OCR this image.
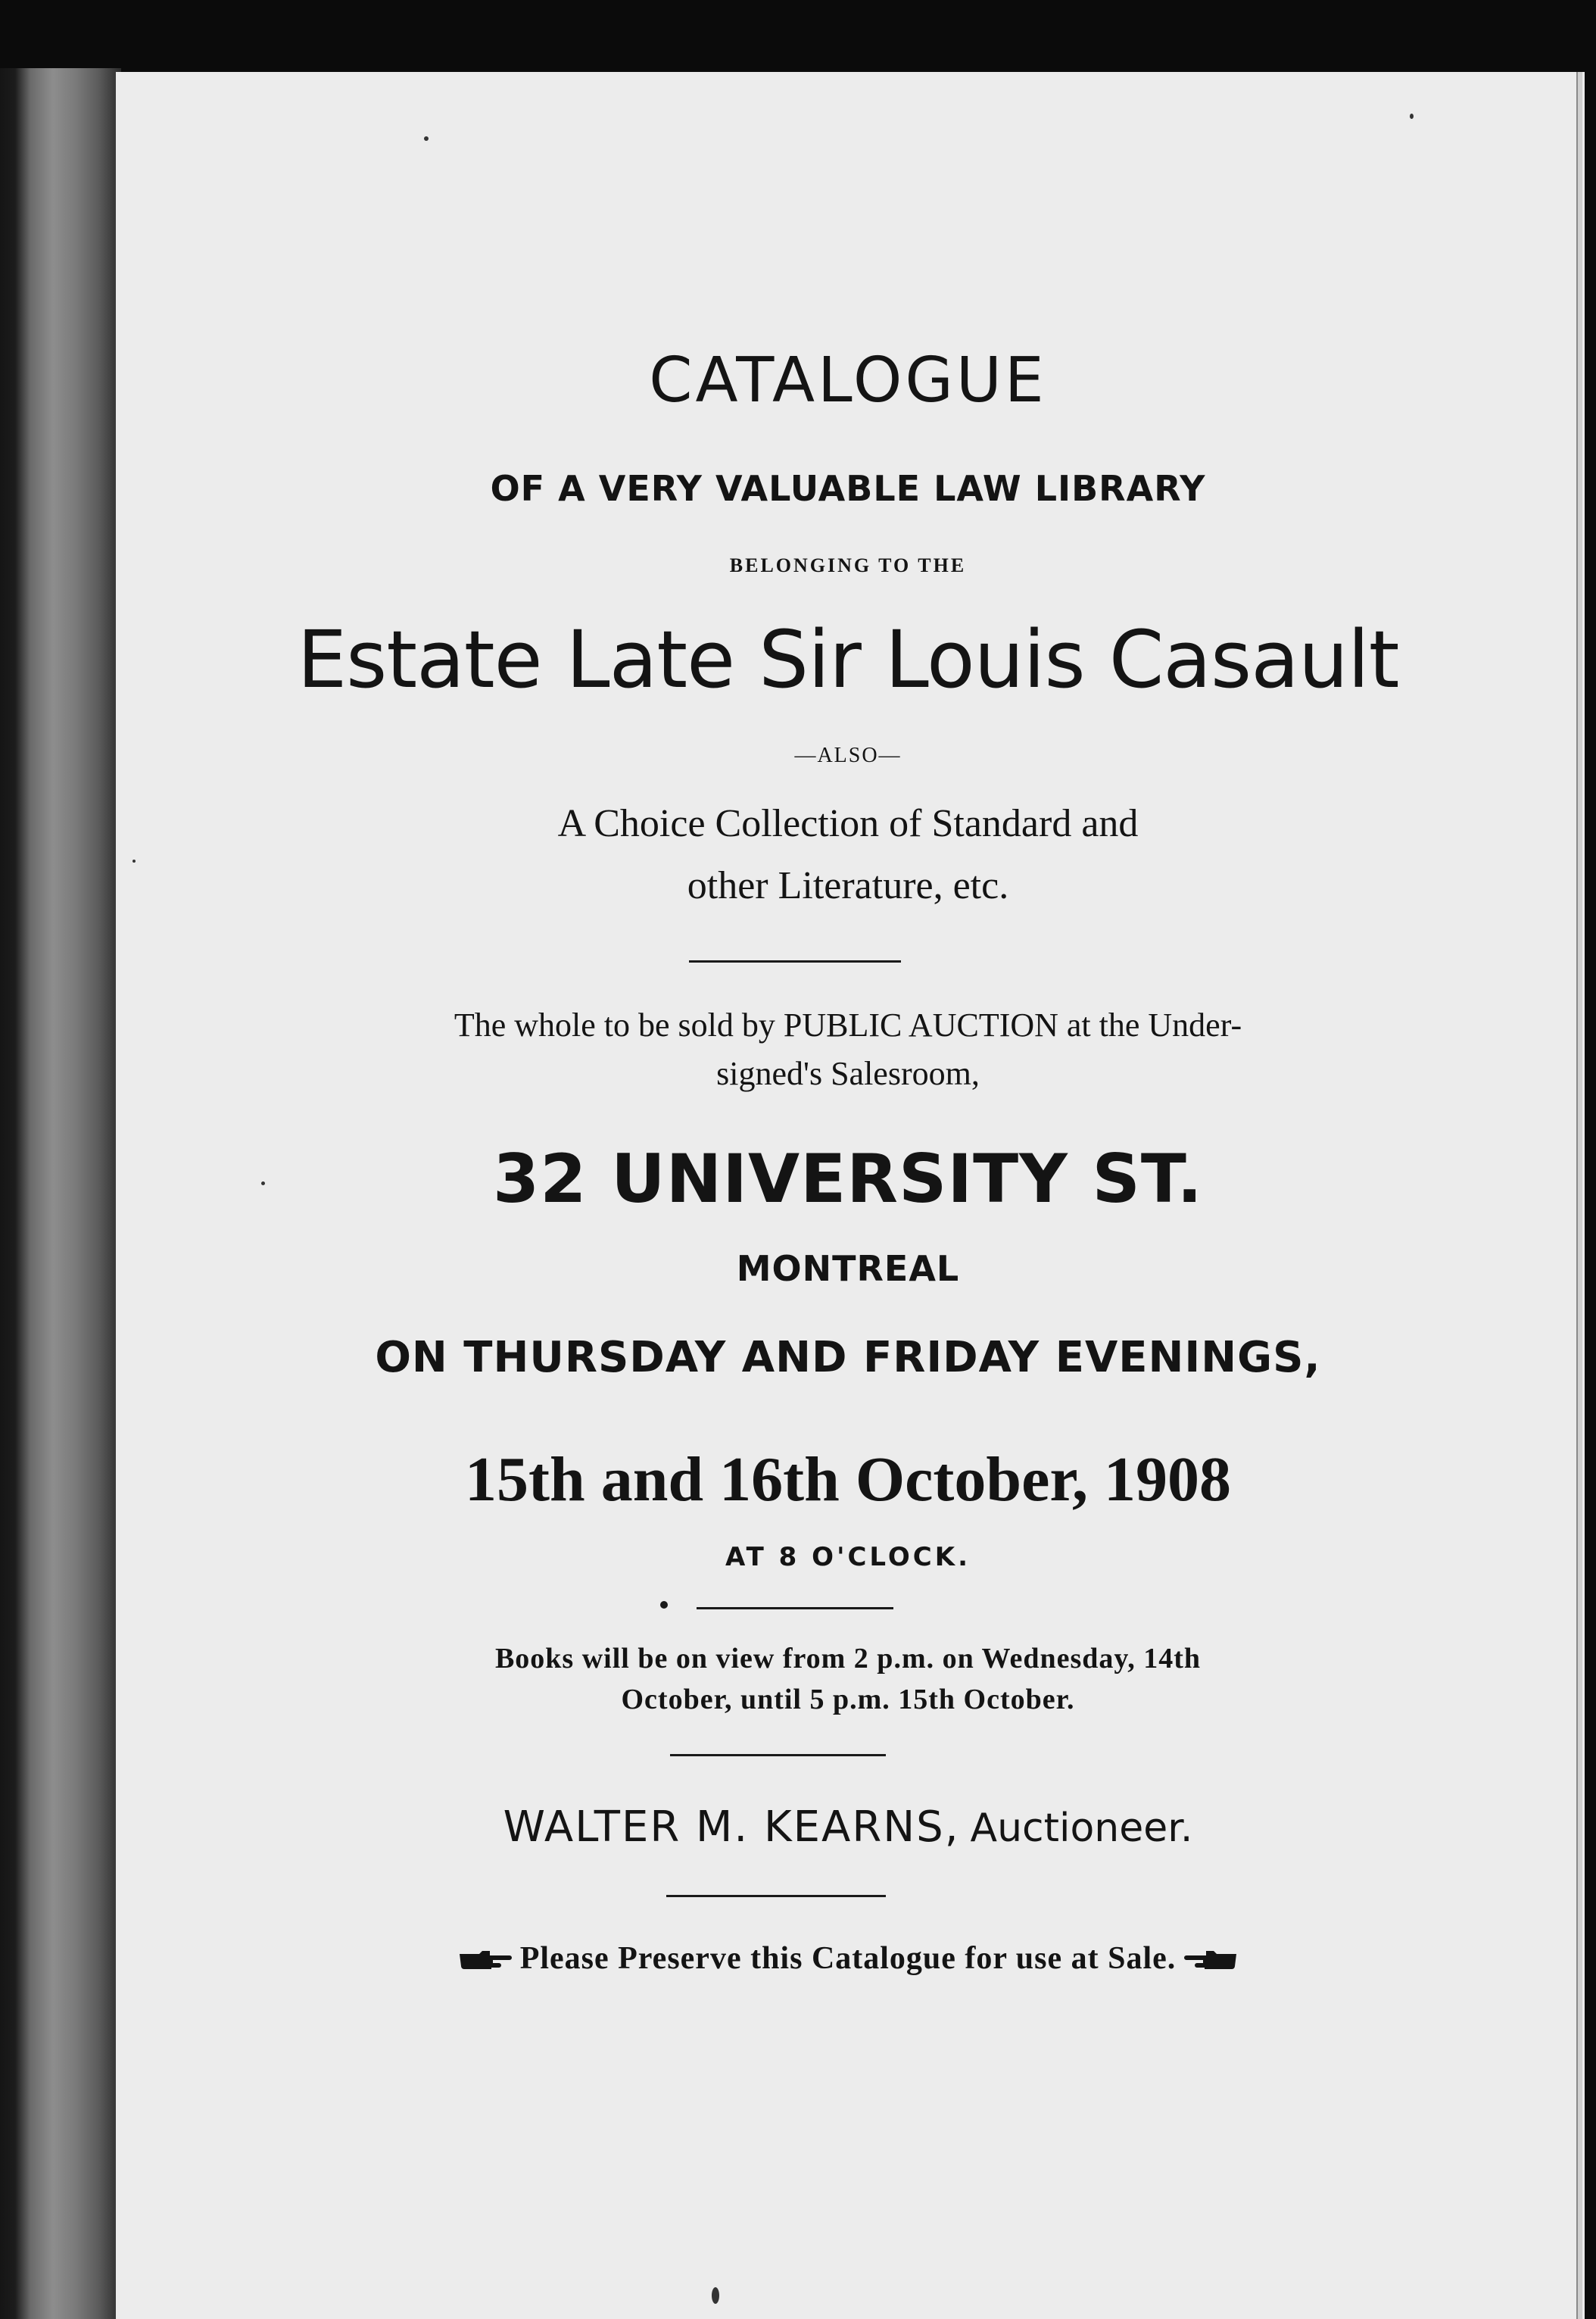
CATALOGUE
OF A VERY VALUABLE LAW LIBRARY
BELONGING TO THE
Estate Late Sir Louis Casault
—ALSO—
A Choice Collection of Standard and
other Literature, etc.
The whole to be sold by PUBLIC AUCTION at the Under-
signed's Salesroom,
32 UNIVERSITY ST.
MONTREAL
ON THURSDAY AND FRIDAY EVENINGS,
15th and 16th October, 1908
AT 8 O'CLOCK.
Books will be on view from 2 p.m. on Wednesday, 14th
October, until 5 p.m. 15th October.
WALTER M. KEARNS, Auctioneer.
Please Preserve this Catalogue for use at Sale.
